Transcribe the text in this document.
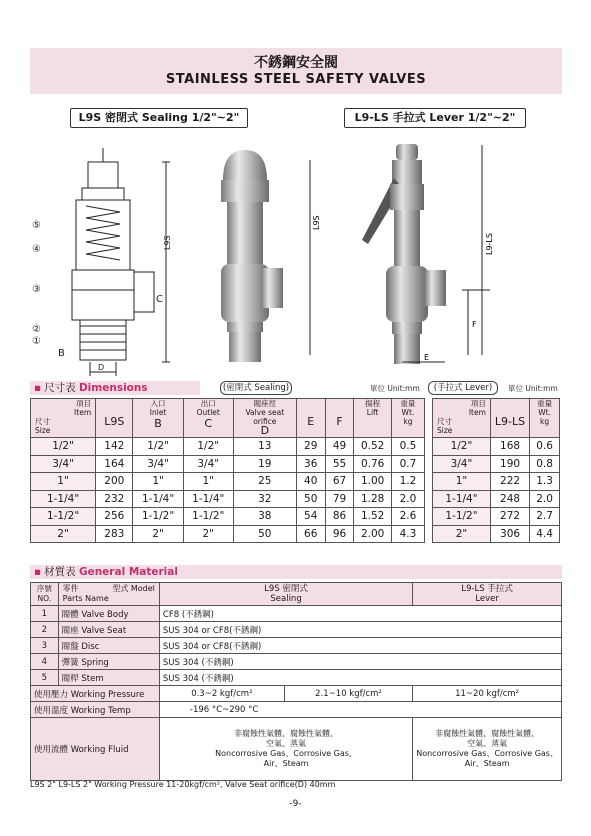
不銹鋼安全閥
STAINLESS STEEL SAFETY VALVES
L9S 密閉式 Sealing 1/2"~2"	L9-LS 手拉式 Lever 1/2"~2"
⑤
④
③
②
①
C
B
D
L9S
L9S
L9-LS
F
E
▪ 尺寸表 Dimensions	(密閉式 Sealing)	單位 Unit:mm	(手拉式 Lever)	單位 Unit:mm
項目
Item
尺寸
Size	L9S	入口
Inlet
B	出口
Outlet
C	閥座徑
Valve seat
orifice
D	E	F	揚程
Lift	重量
Wt.
kg

1/2"	142	1/2"	1/2"	13	29	49	0.52	0.5
3/4"	164	3/4"	3/4"	19	36	55	0.76	0.7
1"	200	1"	1"	25	40	67	1.00	1.2
1-1/4"	232	1-1/4"	1-1/4"	32	50	79	1.28	2.0
1-1/2"	256	1-1/2"	1-1/2"	38	54	86	1.52	2.6
2"	283	2"	2"	50	66	96	2.00	4.3
項目
Item
尺寸
Size	L9-LS	重量
Wt.
kg

1/2"	168	0.6
3/4"	190	0.8
1"	222	1.3
1-1/4"	248	2.0
1-1/2"	272	2.7
2"	306	4.4
▪ 材質表 General Material
序號
NO.	型式 Model
零件
Parts Name	L9S 密閉式
Sealing		L9-LS 手拉式
Lever
1	閥體 Valve Body	CF8 (不銹鋼)		
2	閥座 Valve Seat	SUS 304 or CF8(不銹鋼)		
3	閥盤 Disc	SUS 304 or CF8(不銹鋼)		
4	彈簧 Spring	SUS 304 (不銹鋼)		
5	閥桿 Stem	SUS 304 (不銹鋼)		
使用壓力 Working Pressure		0.3~2 kgf/cm²	2.1~10 kgf/cm²	11~20 kgf/cm²
使用溫度 Working Temp		-196 °C~290 °C		
使用流體 Working Fluid		非腐蝕性氣體、腐蝕性氣體、
空氣、蒸氣
Noncorrosive Gas、Corrosive Gas、
Air、Steam		非腐蝕性氣體、腐蝕性氣體、
空氣、蒸氣
Noncorrosive Gas、Corrosive Gas、
Air、Steam
L9S 2" L9-LS 2" Working Pressure 11-20kgf/cm², Valve Seat orifice(D) 40mm
-9-
